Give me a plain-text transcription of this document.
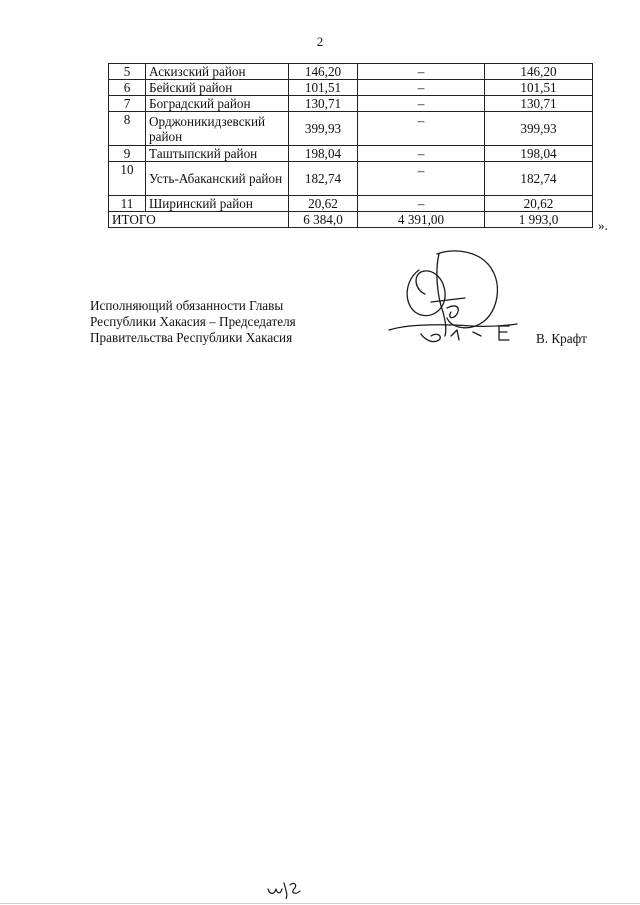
2
5	Аскизский район	146,20	–	146,20
6	Бейский район	101,51	–	101,51
7	Боградский район	130,71	–	130,71
8	Орджоникидзевский район	399,93	–	399,93
9	Таштыпский район	198,04	–	198,04
10	Усть-Абаканский район	182,74	–	182,74
11	Ширинский район	20,62	–	20,62
ИТОГО		6 384,0	4 391,00	1 993,0	».
Исполняющий обязанности Главы
Республики Хакасия – Председателя
Правительства Республики Хакасия	В. Крафт
